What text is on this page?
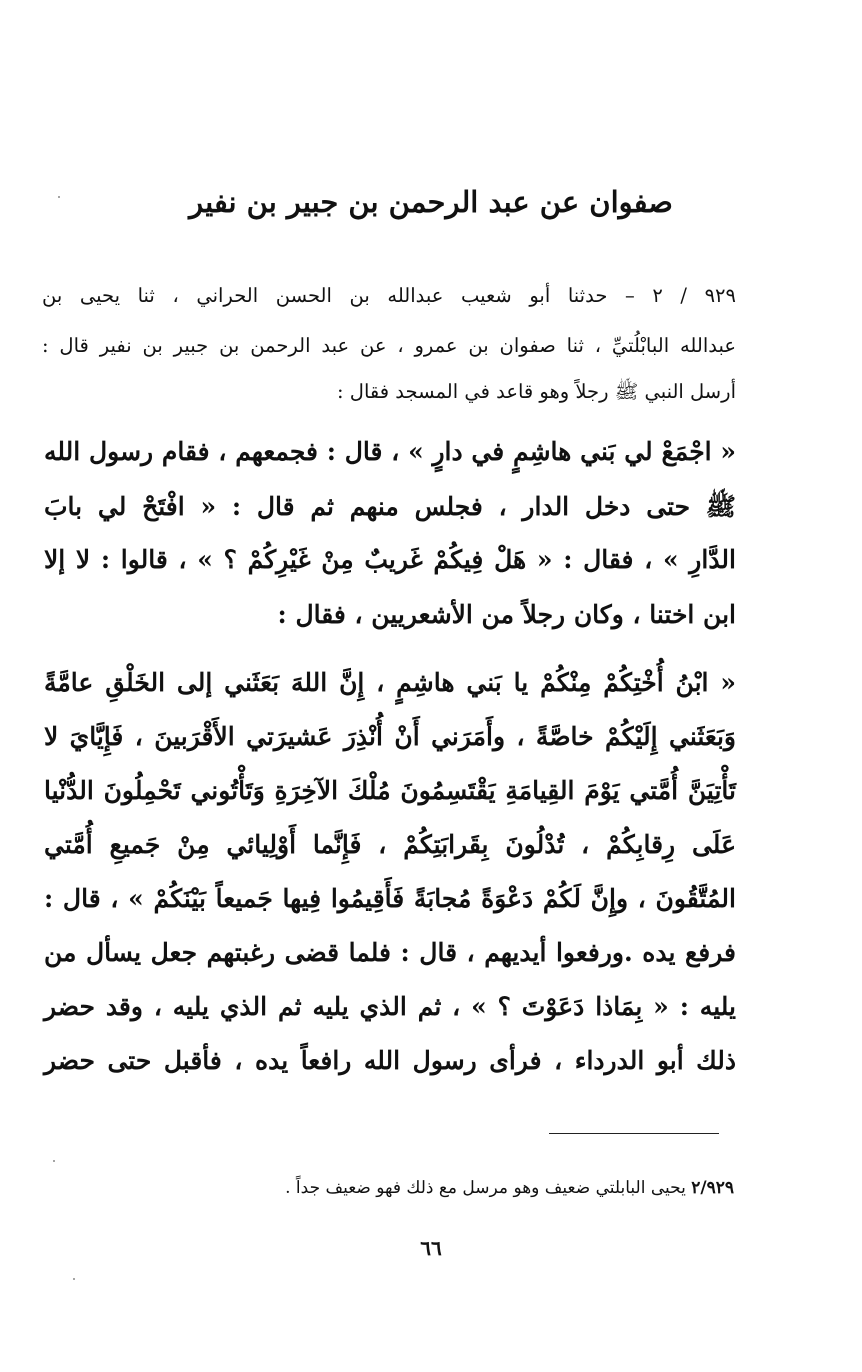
صفوان عن عبد الرحمن بن جبير بن نفير
٩٢٩ / ٢ – حدثنا أبو شعيب عبدالله بن الحسن الحراني ، ثنا يحيى بن
عبدالله البابْلُتيِّ ، ثنا صفوان بن عمرو ، عن عبد الرحمن بن جبير بن نفير قال :
أرسل النبي ﷺ رجلاً وهو قاعد في المسجد فقال :
« اجْمَعْ لي بَني هاشِمٍ في دارٍ » ، قال : فجمعهم ، فقام رسول الله
ﷺ حتى دخل الدار ، فجلس منهم ثم قال : « افْتَحْ لي بابَ
الدَّارِ » ، فقال : « هَلْ فِيكُمْ غَريبٌ مِنْ غَيْرِكُمْ ؟ » ، قالوا : لا إلا
ابن اختنا ، وكان رجلاً من الأشعريين ، فقال :
« ابْنُ أُخْتِكُمْ مِنْكُمْ يا بَني هاشِمٍ ، إِنَّ اللهَ بَعَثَني إلى الخَلْقِ عامَّةً
وَبَعَثَني إِلَيْكُمْ خاصَّةً ، وأَمَرَني أَنْ أُنْذِرَ عَشيرَتي الأَقْرَبينَ ، فَإِيَّايَ لا
تَأْتِيَنَّ أُمَّتي يَوْمَ القِيامَةِ يَقْتَسِمُونَ مُلْكَ الآخِرَةِ وَتَأْتُوني تَحْمِلُونَ الدُّنْيا
عَلَى رِقابِكُمْ ، تُدْلُونَ بِقَرابَتِكُمْ ، فَإِنَّما أَوْلِيائي مِنْ جَميعِ أُمَّتي
المُتَّقُونَ ، وإِنَّ لَكُمْ دَعْوَةً مُجابَةً فَأَقِيمُوا فِيها جَميعاً بَيْنَكُمْ » ، قال :
فرفع يده .ورفعوا أيديهم ، قال : فلما قضى رغبتهم جعل يسأل من
يليه : « بِمَاذا دَعَوْتَ ؟ » ، ثم الذي يليه ثم الذي يليه ، وقد حضر
ذلك أبو الدرداء ، فرأى رسول الله رافعاً يده ، فأقبل حتى حضر
٢/٩٢٩ يحيى البابلتي ضعيف وهو مرسل مع ذلك فهو ضعيف جداً .
٦٦
